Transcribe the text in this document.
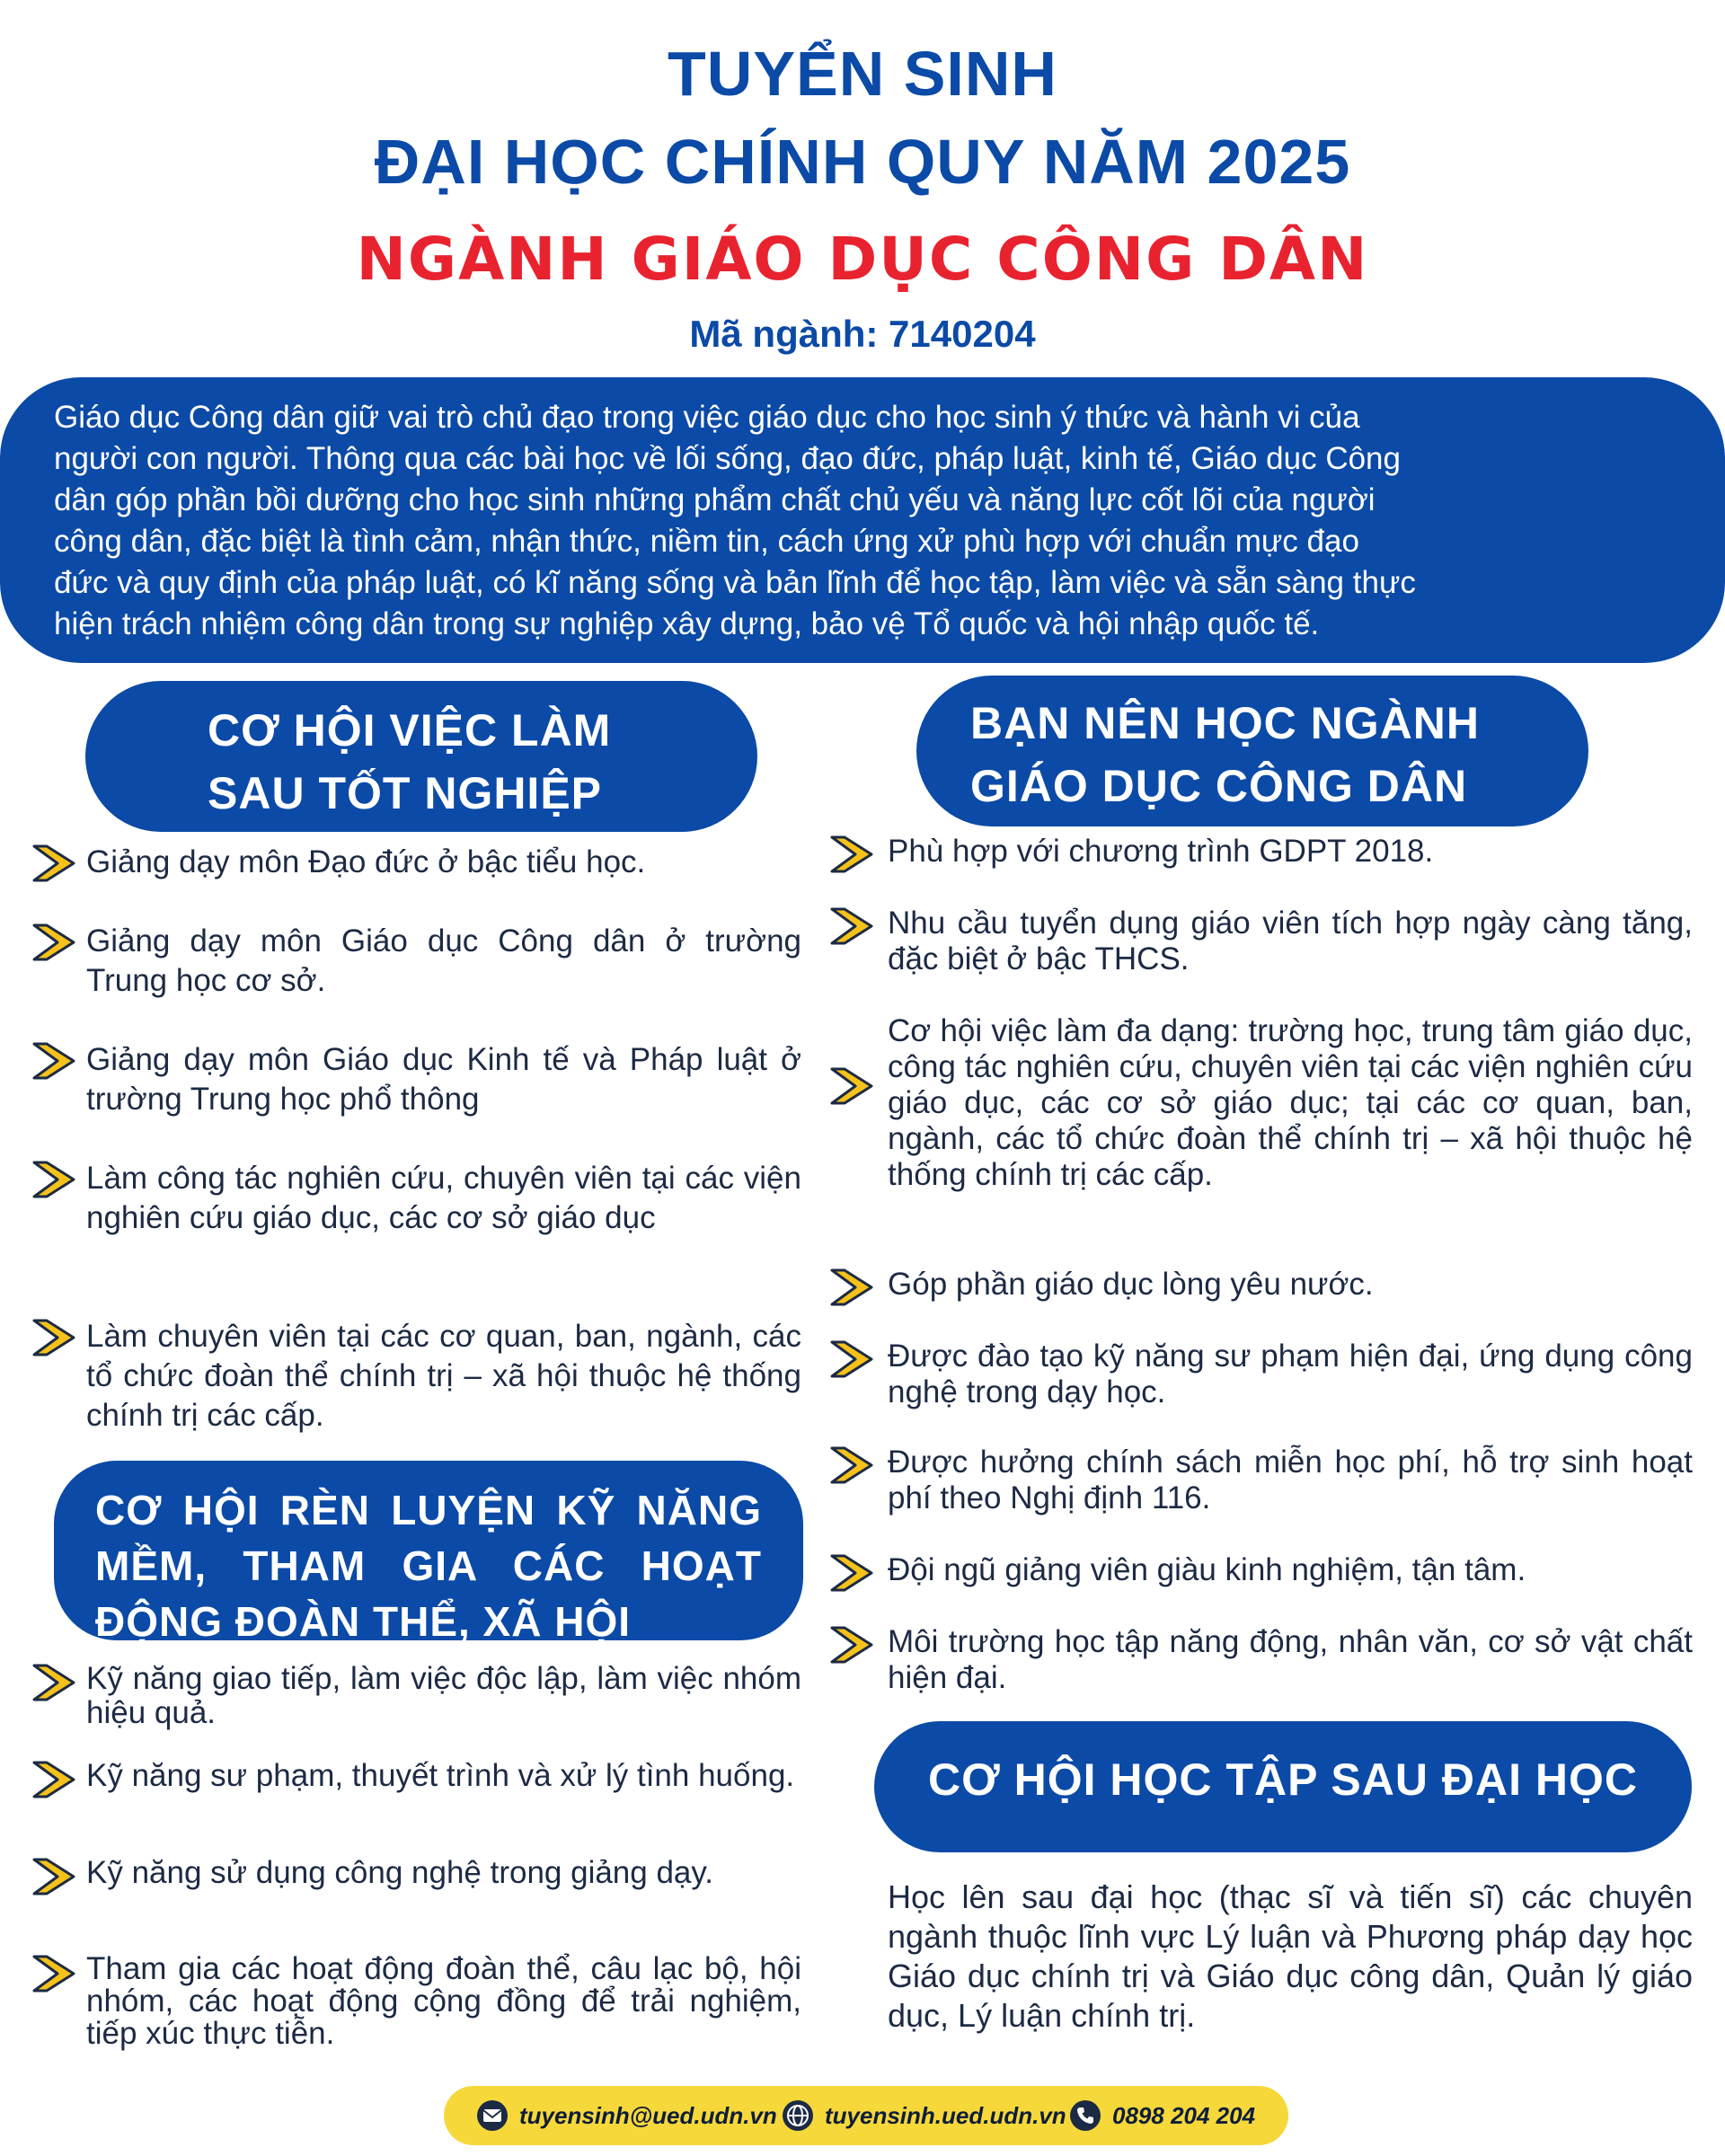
TUYỂN SINH
ĐẠI HỌC CHÍNH QUY NĂM 2025
NGÀNH GIÁO DỤC CÔNG DÂN
Mã ngành: 7140204
Giáo dục Công dân giữ vai trò chủ đạo trong việc giáo dục cho học sinh ý thức và hành vi của
người con người. Thông qua các bài học về lối sống, đạo đức, pháp luật, kinh tế, Giáo dục Công
dân góp phần bồi dưỡng cho học sinh những phẩm chất chủ yếu và năng lực cốt lõi của người
công dân, đặc biệt là tình cảm, nhận thức, niềm tin, cách ứng xử phù hợp với chuẩn mực đạo
đức và quy định của pháp luật, có kĩ năng sống và bản lĩnh để học tập, làm việc và sẵn sàng thực
hiện trách nhiệm công dân trong sự nghiệp xây dựng, bảo vệ Tổ quốc và hội nhập quốc tế.
CƠ HỘI VIỆC LÀM
SAU TỐT NGHIỆP
BẠN NÊN HỌC NGÀNH
GIÁO DỤC CÔNG DÂN
Giảng dạy môn Đạo đức ở bậc tiểu học.
Giảng dạy môn Giáo dục Công dân ở trường Trung học cơ sở.
Giảng dạy môn Giáo dục Kinh tế và Pháp luật ở trường Trung học phổ thông
Làm công tác nghiên cứu, chuyên viên tại các viện nghiên cứu giáo dục, các cơ sở giáo dục
Làm chuyên viên tại các cơ quan, ban, ngành, các tổ chức đoàn thể chính trị – xã hội thuộc hệ thống chính trị các cấp.
CƠ HỘI RÈN LUYỆN KỸ NĂNG
MỀM, THAM GIA CÁC HOẠT
ĐỘNG ĐOÀN THỂ, XÃ HỘI
Kỹ năng giao tiếp, làm việc độc lập, làm việc nhóm hiệu quả.
Kỹ năng sư phạm, thuyết trình và xử lý tình huống.
Kỹ năng sử dụng công nghệ trong giảng dạy.
Tham gia các hoạt động đoàn thể, câu lạc bộ, hội nhóm, các hoạt động cộng đồng để trải nghiệm, tiếp xúc thực tiễn.
Phù hợp với chương trình GDPT 2018.
Nhu cầu tuyển dụng giáo viên tích hợp ngày càng tăng, đặc biệt ở bậc THCS.
Cơ hội việc làm đa dạng: trường học, trung tâm giáo dục, công tác nghiên cứu, chuyên viên tại các viện nghiên cứu giáo dục, các cơ sở giáo dục; tại các cơ quan, ban, ngành, các tổ chức đoàn thể chính trị – xã hội thuộc hệ thống chính trị các cấp.
Góp phần giáo dục lòng yêu nước.
Được đào tạo kỹ năng sư phạm hiện đại, ứng dụng công nghệ trong dạy học.
Được hưởng chính sách miễn học phí, hỗ trợ sinh hoạt phí theo Nghị định 116.
Đội ngũ giảng viên giàu kinh nghiệm, tận tâm.
Môi trường học tập năng động, nhân văn, cơ sở vật chất hiện đại.
CƠ HỘI HỌC TẬP SAU ĐẠI HỌC
Học lên sau đại học (thạc sĩ và tiến sĩ) các chuyên ngành thuộc lĩnh vực Lý luận và Phương pháp dạy học Giáo dục chính trị và Giáo dục công dân, Quản lý giáo dục, Lý luận chính trị.
tuyensinh@ued.udn.vn tuyensinh.ued.udn.vn 0898 204 204
